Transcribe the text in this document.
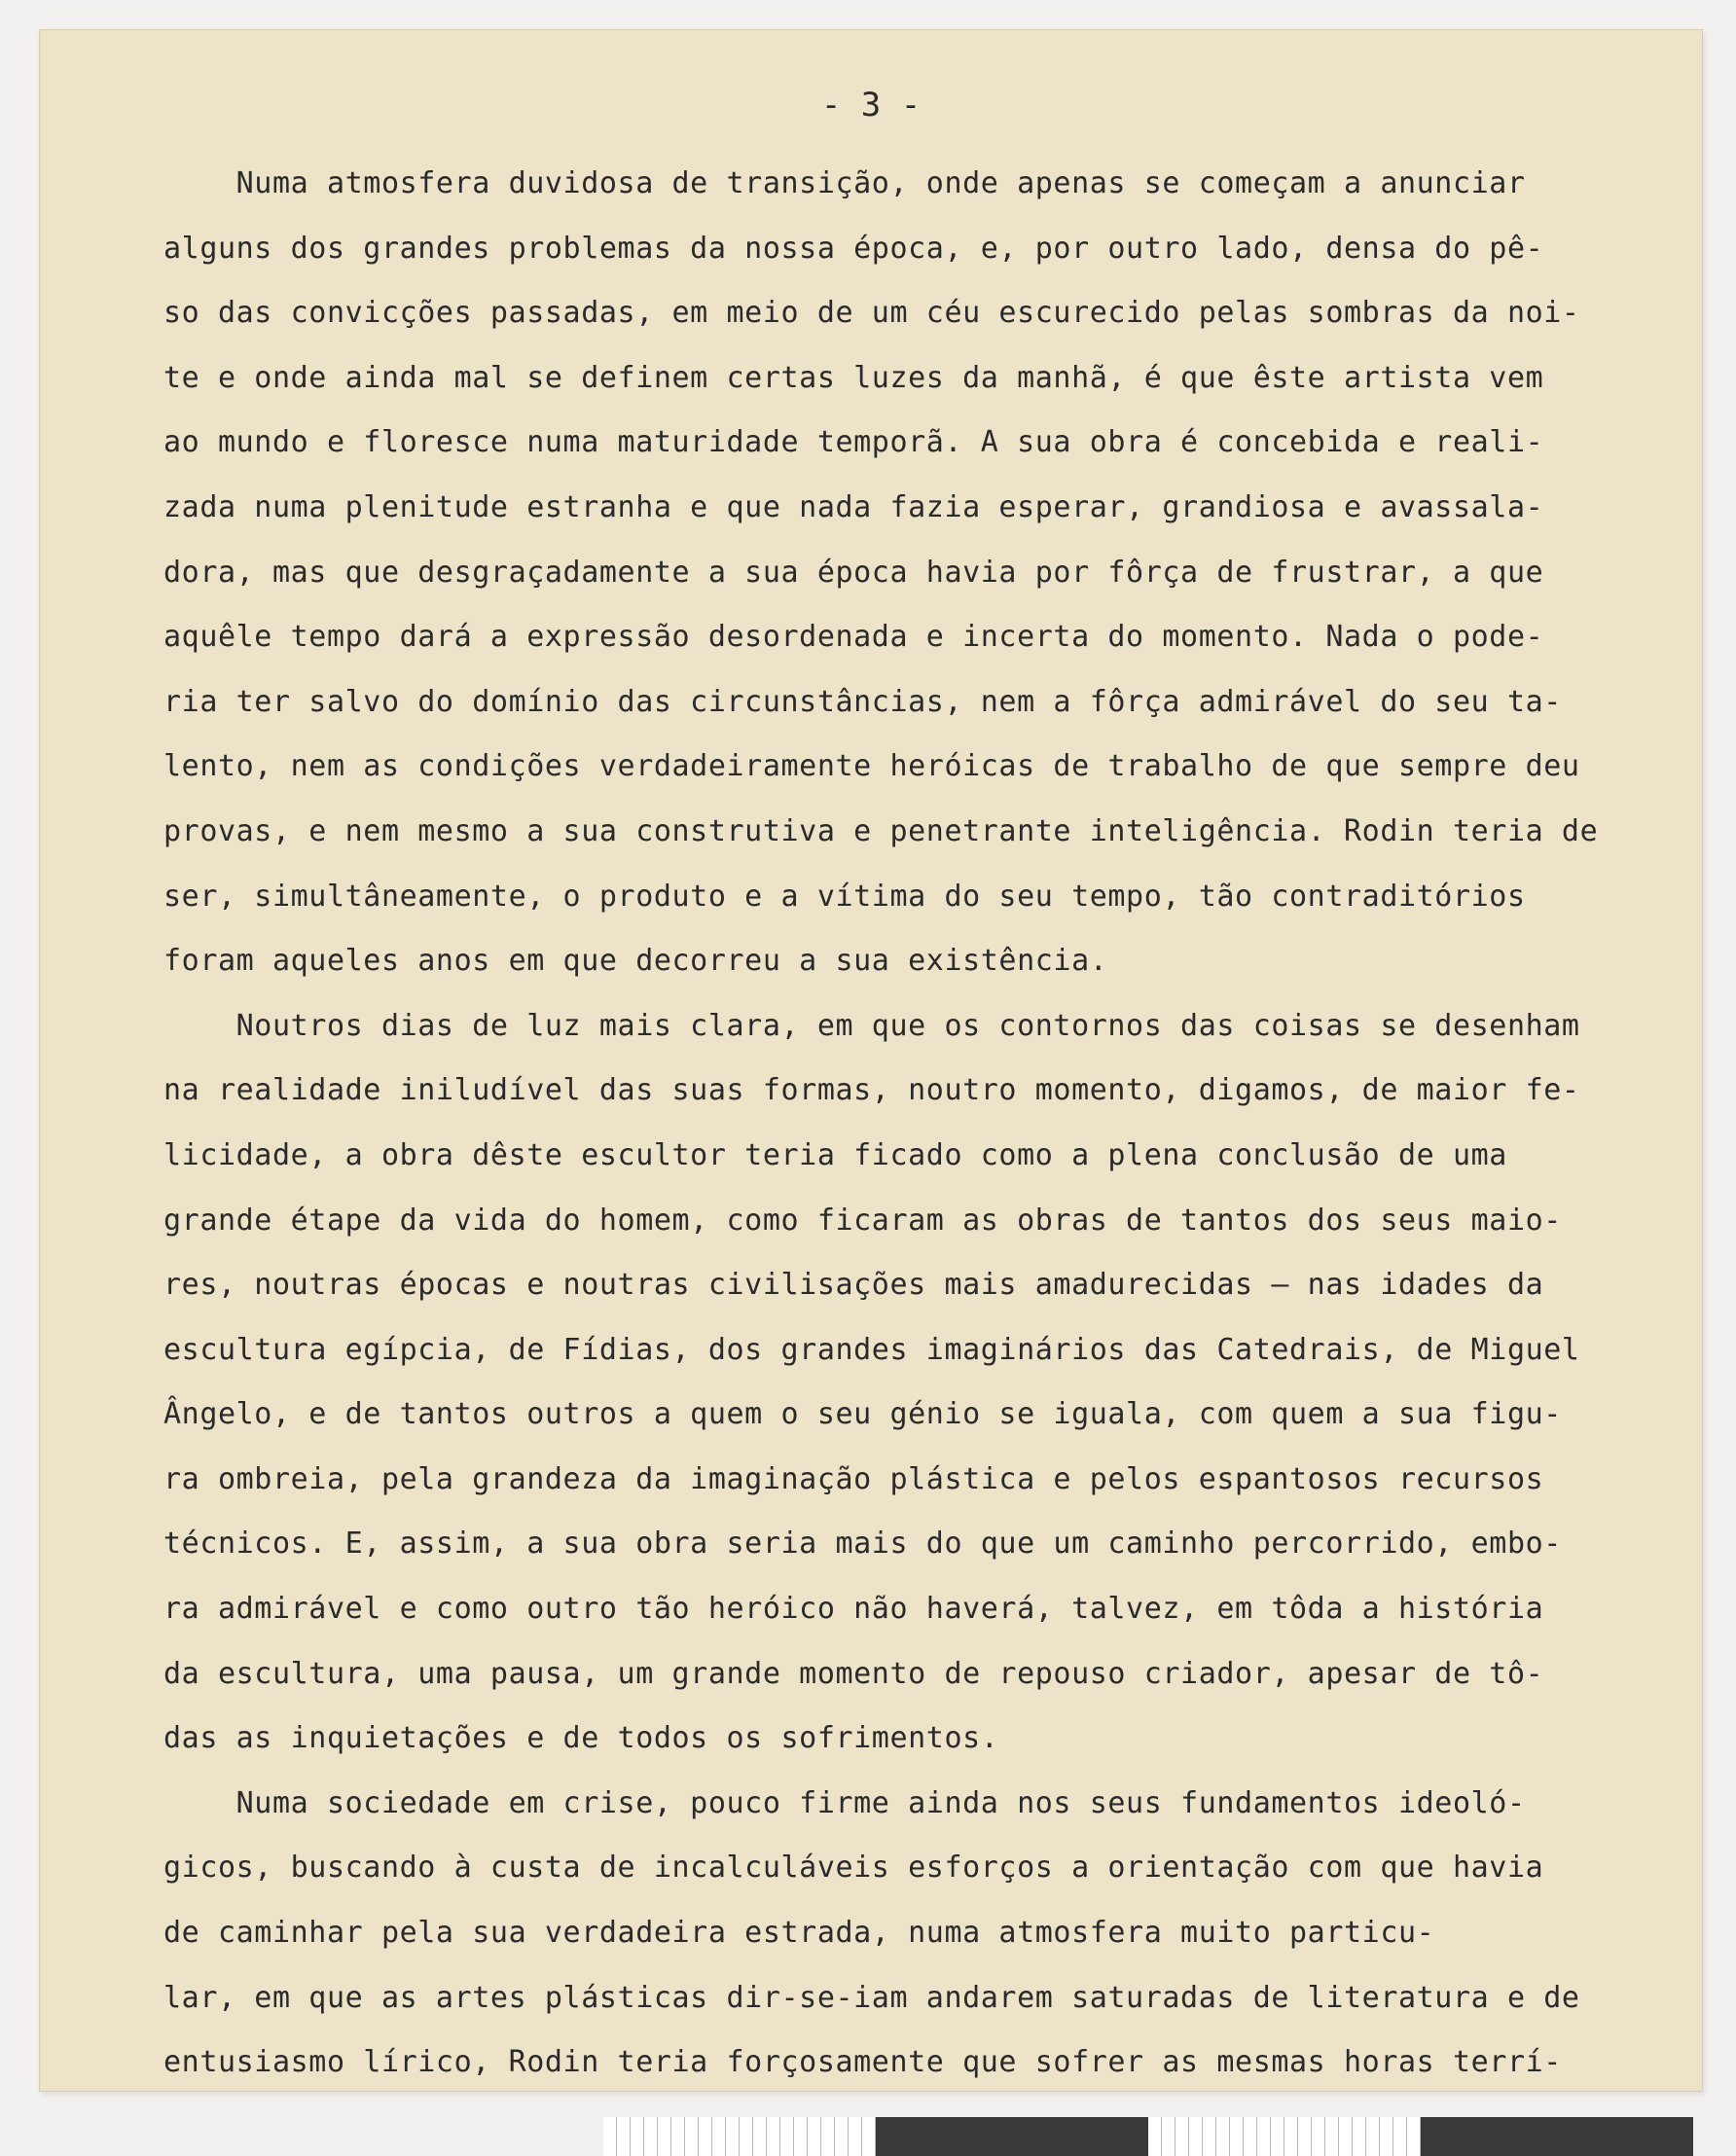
- 3 -
Numa atmosfera duvidosa de transição, onde apenas se começam a anunciar
alguns dos grandes problemas da nossa época, e, por outro lado, densa do pê-
so das convicções passadas, em meio de um céu escurecido pelas sombras da noi-
te e onde ainda mal se definem certas luzes da manhã, é que êste artista vem
ao mundo e floresce numa maturidade temporã. A sua obra é concebida e reali-
zada numa plenitude estranha e que nada fazia esperar, grandiosa e avassala-
dora, mas que desgraçadamente a sua época havia por fôrça de frustrar, a que
aquêle tempo dará a expressão desordenada e incerta do momento. Nada o pode-
ria ter salvo do domínio das circunstâncias, nem a fôrça admirável do seu ta-
lento, nem as condições verdadeiramente heróicas de trabalho de que sempre deu
provas, e nem mesmo a sua construtiva e penetrante inteligência. Rodin teria de
ser, simultâneamente, o produto e a vítima do seu tempo, tão contraditórios
foram aqueles anos em que decorreu a sua existência.
Noutros dias de luz mais clara, em que os contornos das coisas se desenham
na realidade iniludível das suas formas, noutro momento, digamos, de maior fe-
licidade, a obra dêste escultor teria ficado como a plena conclusão de uma
grande étape da vida do homem, como ficaram as obras de tantos dos seus maio-
res, noutras épocas e noutras civilisações mais amadurecidas — nas idades da
escultura egípcia, de Fídias, dos grandes imaginários das Catedrais, de Miguel
Ângelo, e de tantos outros a quem o seu génio se iguala, com quem a sua figu-
ra ombreia, pela grandeza da imaginação plástica e pelos espantosos recursos
técnicos. E, assim, a sua obra seria mais do que um caminho percorrido, embo-
ra admirável e como outro tão heróico não haverá, talvez, em tôda a história
da escultura, uma pausa, um grande momento de repouso criador, apesar de tô-
das as inquietações e de todos os sofrimentos.
Numa sociedade em crise, pouco firme ainda nos seus fundamentos ideoló-
gicos, buscando à custa de incalculáveis esforços a orientação com que havia
de caminhar pela sua verdadeira estrada, numa atmosfera muito particu-
lar, em que as artes plásticas dir-se-iam andarem saturadas de literatura e de
entusiasmo lírico, Rodin teria forçosamente que sofrer as mesmas horas terrí-
